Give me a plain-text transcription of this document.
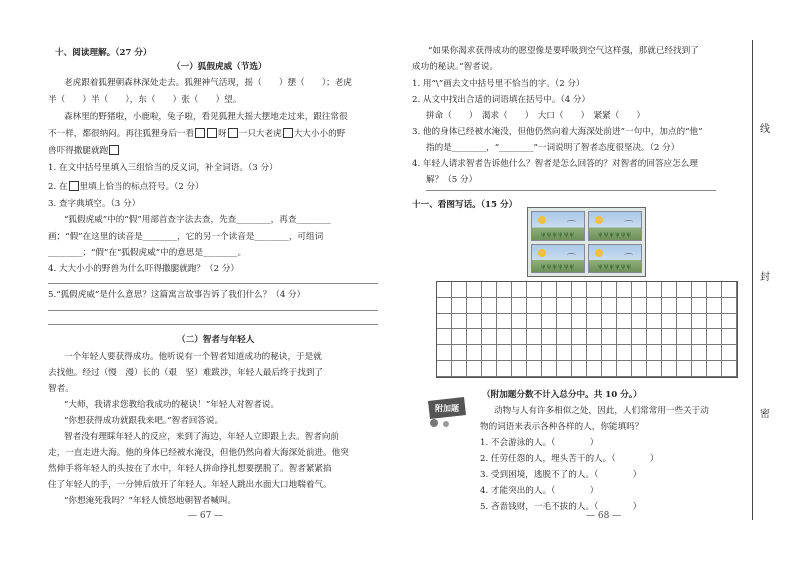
十、阅读理解。（27 分）
（一）狐假虎威（节选）
老虎跟着狐狸朝森林深处走去。狐狸神气活现，摇（　　）摆（　　）；老虎
半（　　）半（　　），东（　　）张（　　）望。
森林里的野猪啦，小鹿啦，兔子啦，看见狐狸大摇大摆地走过来，跟往常很
不一样，都很纳闷。再往狐狸身后一看	呀 一只大老虎 大大小小的野
兽吓得撒腿就跑
1. 在文中括号里填入三组恰当的反义词，补全词语。（3 分）
2. 在 里填上恰当的标点符号。（2 分）
3. 查字典填空。（3 分）
“狐假虎威”中的“假”用部首查字法去查，先查________，再查________
画；“假”在这里的读音是________，它的另一个读音是________，可组词
________；“假”在“狐假虎威”中的意思是________。
4. 大大小小的野兽为什么吓得撒腿就跑？（2 分）
5.“狐假虎威”是什么意思？这篇寓言故事告诉了我们什么？（4 分）
（二）智者与年轻人
一个年轻人要获得成功。他听说有一个智者知道成功的秘诀，于是就
去找他。经过（慢　漫）长的（艰　坚）难跋涉，年轻人最后终于找到了
智者。
“大师，我请求您教给我成功的秘诀！”年轻人对智者说。
“你想获得成功就跟我来吧。”智者回答说。
智者没有理睬年轻人的反应，来到了海边，年轻人立即跟上去。智者向前
走，一直走进大海。他的身体已经被水淹没，但他仍然向着大海深处前进。他突
然伸手将年轻人的头按在了水中，年轻人拼命挣扎想要摆脱了。智者紧紧掐
住了年轻人的手，一分钟后放开了年轻人。年轻人跳出水面大口地喘着气。
“你想淹死我吗？”年轻人愤怒地朝智者喊叫。
— 67 —
“如果你渴求获得成功的愿望像是要呼吸到空气这样强，那就已经找到了
成功的秘诀。”智者说。
1. 用“\”画去文中括号里不恰当的字。（2 分）
2. 从文中找出合适的词语填在括号中。（4 分）
拼命（　　）　渴求（　　）　大口（　　）　紧紧（　　）
3. 他的身体已经被水淹没，但他仍然向着大海深处前进”一句中，加点的“他”
指的是________，“________”一词说明了智者态度很坚决。（2 分）
4. 年轻人请求智者告诉他什么？智者是怎么回答的？对智者的回答应怎么理
解？（5 分）
十一、看图写话。（15 分）
⌒
ψψψψψψ
⌒
ψψψψψψ
⌒
ψψψψψψ
⌒
ψψψψψψ
附加题
（附加题分数不计入总分中。共 10 分。）
动物与人有许多相似之处，因此，人们常常用一些关于动
物的词语来表示各种各样的人，你能填吗？
1. 不会游泳的人。（　　　　）
2. 任劳任怨的人，埋头苦干的人。（　　　　）
3. 受到困境，逃脱不了的人。（　　　　）
4. 才能突出的人。（　　　　）
5. 吝啬钱财，一毛不拔的人。（　　　　）
— 68 —
线
封
密
